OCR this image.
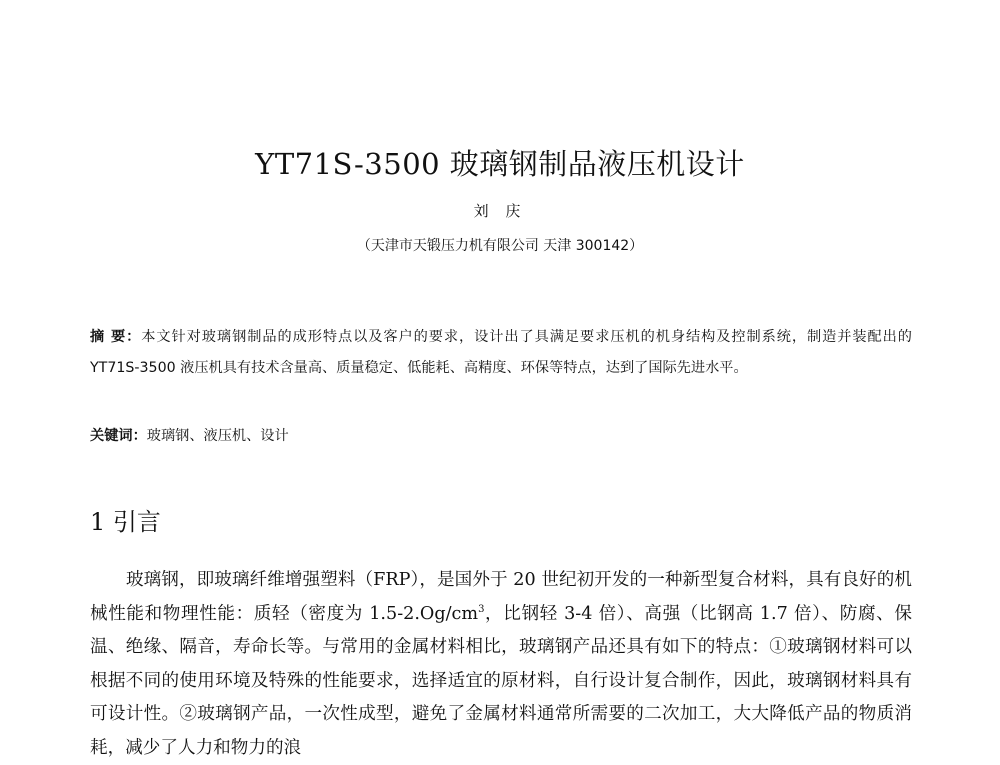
YT71S-3500 玻璃钢制品液压机设计
刘 庆
（天津市天锻压力机有限公司 天津 300142）
摘 要：本文针对玻璃钢制品的成形特点以及客户的要求，设计出了具满足要求压机的机身结构及控制系统，制造并装配出的 YT71S-3500 液压机具有技术含量高、质量稳定、低能耗、高精度、环保等特点，达到了国际先进水平。
关键词：玻璃钢、液压机、设计
1 引言
玻璃钢，即玻璃纤维增强塑料（FRP），是国外于 20 世纪初开发的一种新型复合材料，具有良好的机械性能和物理性能：质轻（密度为 $1.5-2.Og/cm^3$，比钢轻 3-4 倍）、高强（比钢高 1.7 倍）、防腐、保温、绝缘、隔音，寿命长等。与常用的金属材料相比，玻璃钢产品还具有如下的特点：①玻璃钢材料可以根据不同的使用环境及特殊的性能要求，选择适宜的原材料，自行设计复合制作，因此，玻璃钢材料具有可设计性。②玻璃钢产品，一次性成型，避免了金属材料通常所需要的二次加工，大大降低产品的物质消耗，减少了人力和物力的浪
